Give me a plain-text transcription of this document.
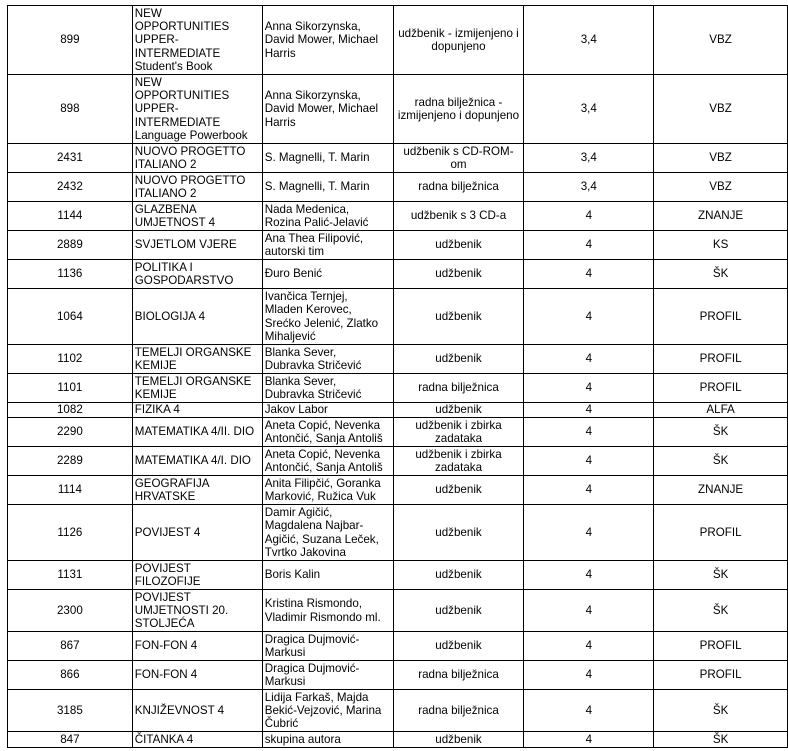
899	NEW
OPPORTUNITIES
UPPER-
INTERMEDIATE
Student's Book	Anna Sikorzynska,
David Mower, Michael
Harris	udžbenik - izmijenjeno i
dopunjeno	3,4	VBZ

898	NEW
OPPORTUNITIES
UPPER-
INTERMEDIATE
Language Powerbook	Anna Sikorzynska,
David Mower, Michael
Harris	radna bilježnica -
izmijenjeno i dopunjeno	3,4	VBZ

2431	NUOVO PROGETTO
ITALIANO 2	S. Magnelli, T. Marin	udžbenik s CD-ROM-
om	3,4	VBZ

2432	NUOVO PROGETTO
ITALIANO 2	S. Magnelli, T. Marin	radna bilježnica	3,4	VBZ

1144	GLAZBENA
UMJETNOST 4	Nada Medenica,
Rozina Palić-Jelavić	udžbenik s 3 CD-a	4	ZNANJE

2889	SVJETLOM VJERE	Ana Thea Filipović,
autorski tim	udžbenik	4	KS

1136	POLITIKA I
GOSPODARSTVO	Đuro Benić	udžbenik	4	ŠK

1064	BIOLOGIJA 4	Ivančica Ternjej,
Mladen Kerovec,
Srećko Jelenić, Zlatko
Mihaljević	udžbenik	4	PROFIL

1102	TEMELJI ORGANSKE
KEMIJE	Blanka Sever,
Dubravka Stričević	udžbenik	4	PROFIL

1101	TEMELJI ORGANSKE
KEMIJE	Blanka Sever,
Dubravka Stričević	radna bilježnica	4	PROFIL

1082	FIZIKA 4	Jakov Labor	udžbenik	4	ALFA

2290	MATEMATIKA 4/II. DIO	Aneta Copić, Nevenka
Antončić, Sanja Antoliš	udžbenik i zbirka
zadataka	4	ŠK

2289	MATEMATIKA 4/I. DIO	Aneta Copić, Nevenka
Antončić, Sanja Antoliš	udžbenik i zbirka
zadataka	4	ŠK

1114	GEOGRAFIJA
HRVATSKE	Anita Filipčić, Goranka
Marković, Ružica Vuk	udžbenik	4	ZNANJE

1126	POVIJEST 4	Damir Agičić,
Magdalena Najbar-
Agičić, Suzana Leček,
Tvrtko Jakovina	udžbenik	4	PROFIL

1131	POVIJEST
FILOZOFIJE	Boris Kalin	udžbenik	4	ŠK

2300	POVIJEST
UMJETNOSTI 20.
STOLJEĆA	Kristina Rismondo,
Vladimir Rismondo ml.	udžbenik	4	ŠK

867	FON-FON 4	Dragica Dujmović-
Markusi	udžbenik	4	PROFIL

866	FON-FON 4	Dragica Dujmović-
Markusi	radna bilježnica	4	PROFIL

3185	KNJIŽEVNOST 4	Lidija Farkaš, Majda
Bekić-Vejzović, Marina
Čubrić	radna bilježnica	4	ŠK

847	ČITANKA 4	skupina autora	udžbenik	4	ŠK
